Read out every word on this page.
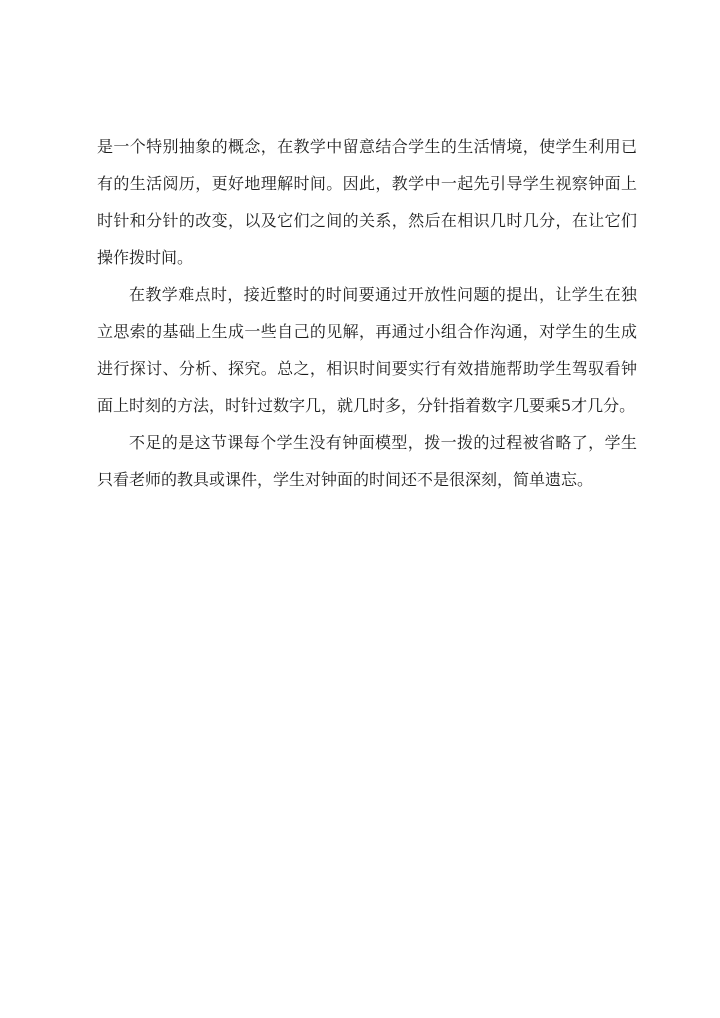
是一个特别抽象的概念，在教学中留意结合学生的生活情境，使学生利用已有的生活阅历，更好地理解时间。因此，教学中一起先引导学生视察钟面上时针和分针的改变，以及它们之间的关系，然后在相识几时几分，在让它们操作拨时间。

在教学难点时，接近整时的时间要通过开放性问题的提出，让学生在独立思索的基础上生成一些自己的见解，再通过小组合作沟通，对学生的生成进行探讨、分析、探究。总之，相识时间要实行有效措施帮助学生驾驭看钟面上时刻的方法，时针过数字几，就几时多，分针指着数字几要乘5才几分。

不足的是这节课每个学生没有钟面模型，拨一拨的过程被省略了，学生只看老师的教具或课件，学生对钟面的时间还不是很深刻，简单遗忘。
